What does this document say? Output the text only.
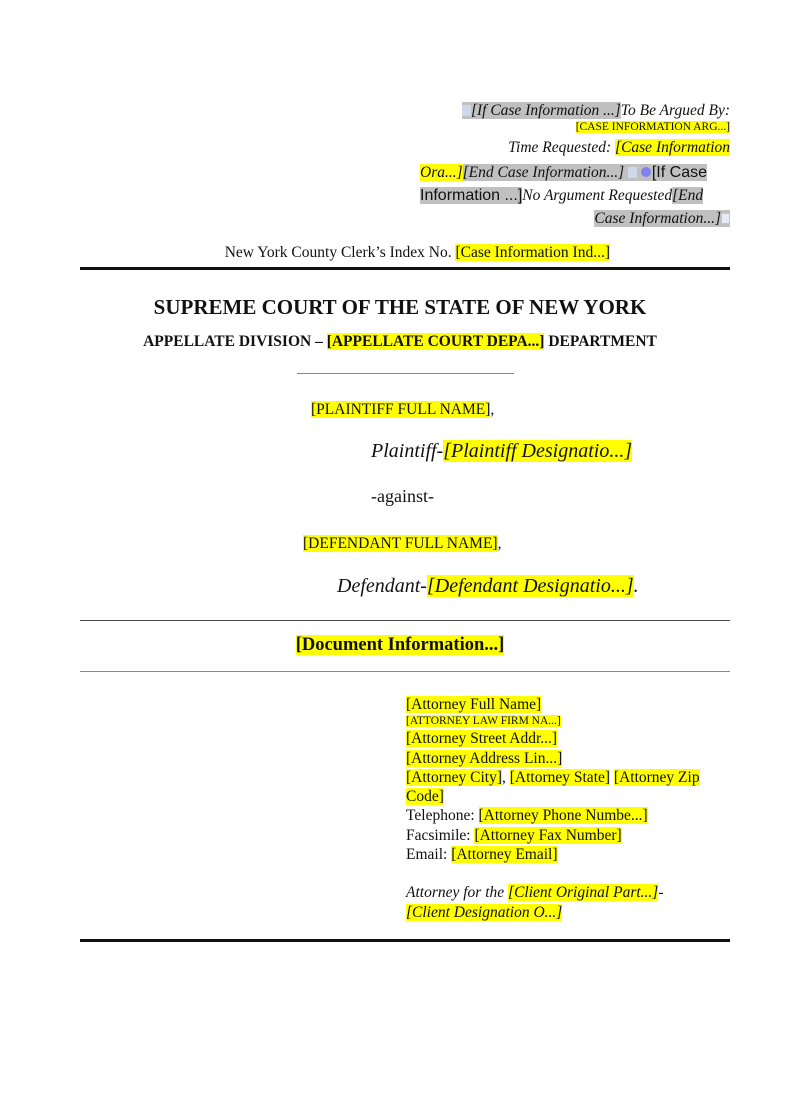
[If Case Information ...]To Be Argued By:
[CASE INFORMATION ARG...]
Time Requested: [Case Information
Ora...][End Case Information...] [If Case
Information ...]No Argument Requested[End
Case Information...]
New York County Clerk’s Index No. [Case Information Ind...]
SUPREME COURT OF THE STATE OF NEW YORK
APPELLATE DIVISION – [APPELLATE COURT DEPA...] DEPARTMENT
[PLAINTIFF FULL NAME],
Plaintiff-[Plaintiff Designatio...]
-against-
[DEFENDANT FULL NAME],
Defendant-[Defendant Designatio...].
[Document Information...]
[Attorney Full Name]
[ATTORNEY LAW FIRM NA...]
[Attorney Street Addr...]
[Attorney Address Lin...]
[Attorney City], [Attorney State] [Attorney Zip
Code]
Telephone: [Attorney Phone Numbe...]
Facsimile: [Attorney Fax Number]
Email: [Attorney Email]
Attorney for the [Client Original Part...]-
[Client Designation O...]
